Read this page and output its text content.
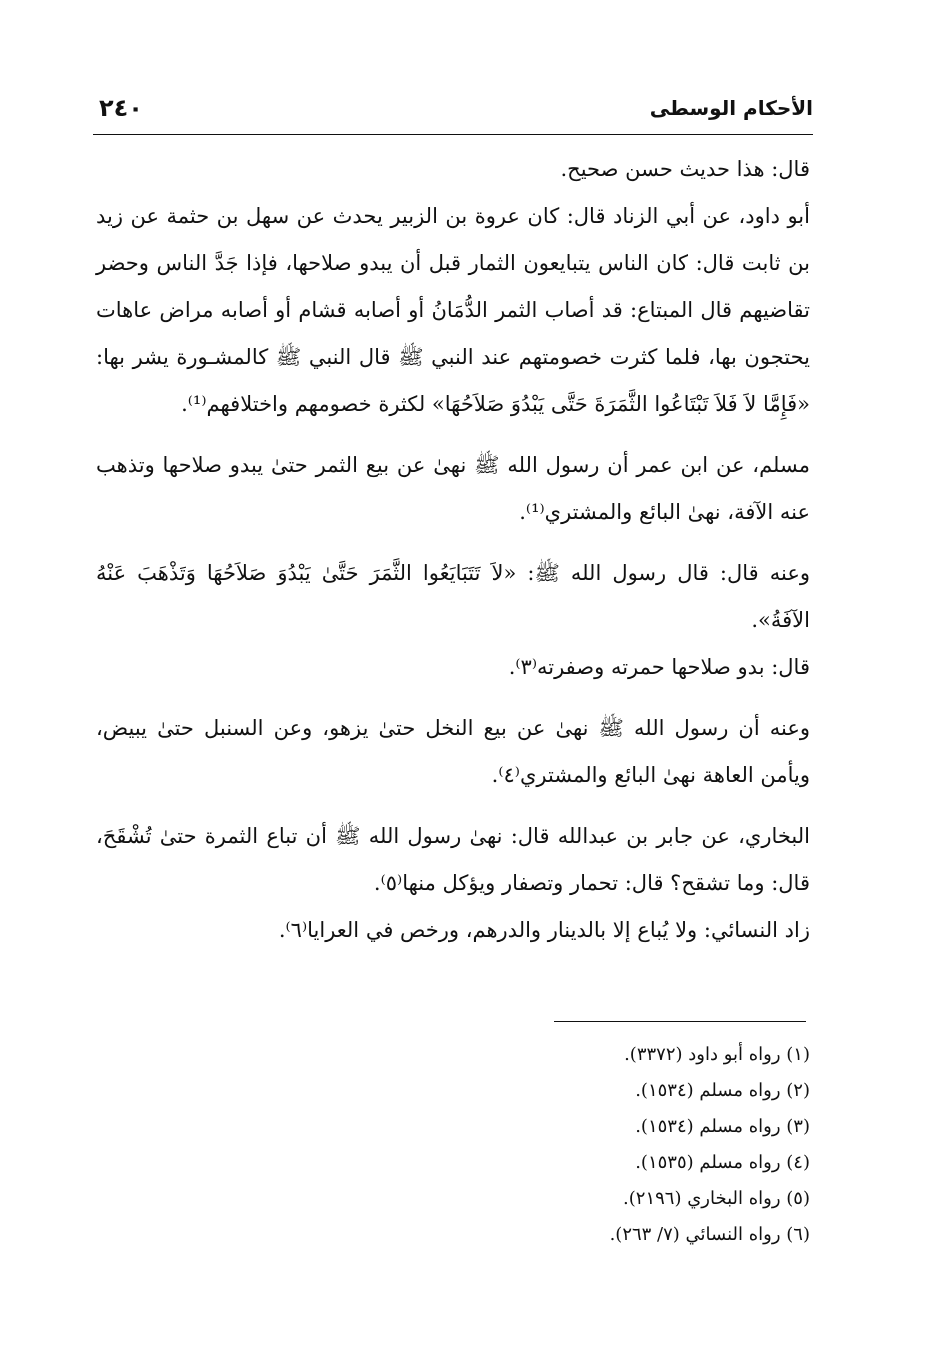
الأحكام الوسطى
٢٤٠

قال: هذا حديث حسن صحيح.

أبو داود، عن أبي الزناد قال: كان عروة بن الزبير يحدث عن سهل بن حثمة عن زيد بن ثابت قال: كان الناس يتبايعون الثمار قبل أن يبدو صلاحها، فإذا جَدَّ الناس وحضر تقاضيهم قال المبتاع: قد أصاب الثمر الدُّمَانُ أو أصابه قشام أو أصابه مراض عاهات يحتجون بها، فلما كثرت خصومتهم عند النبي ﷺ قال النبي ﷺ كالمشـورة يشر بها: «فَإِمَّا لاَ فَلاَ تَبْتَاعُوا الثَّمَرَةَ حَتَّى يَبْدُوَ صَلاَحُهَا» لكثرة خصومهم واختلافهم⁽¹⁾.

مسلم، عن ابن عمر أن رسول الله ﷺ نهىٰ عن بيع الثمر حتىٰ يبدو صلاحها وتذهب عنه الآفة، نهىٰ البائع والمشتري⁽¹⁾.

وعنه قال: قال رسول الله ﷺ: «لاَ تَتَبَايَعُوا الثَّمَرَ حَتَّىٰ يَبْدُوَ صَلاَحُهَا وَتَذْهَبَ عَنْهُ الآفَةُ».

قال: بدو صلاحها حمرته وصفرته⁽٣⁾.

وعنه أن رسول الله ﷺ نهىٰ عن بيع النخل حتىٰ يزهو، وعن السنبل حتىٰ يبيض، ويأمن العاهة نهىٰ البائع والمشتري⁽٤⁾.

البخاري، عن جابر بن عبدالله قال: نهىٰ رسول الله ﷺ أن تباع الثمرة حتىٰ تُشْقَحَ، قال: وما تشقح؟ قال: تحمار وتصفار ويؤكل منها⁽٥⁾.

زاد النسائي: ولا يُباع إلا بالدينار والدرهم، ورخص في العرايا⁽٦⁾.

(١) رواه أبو داود (٣٣٧٢).
(٢) رواه مسلم (١٥٣٤).
(٣) رواه مسلم (١٥٣٤).
(٤) رواه مسلم (١٥٣٥).
(٥) رواه البخاري (٢١٩٦).
(٦) رواه النسائي (٧/ ٢٦٣).
